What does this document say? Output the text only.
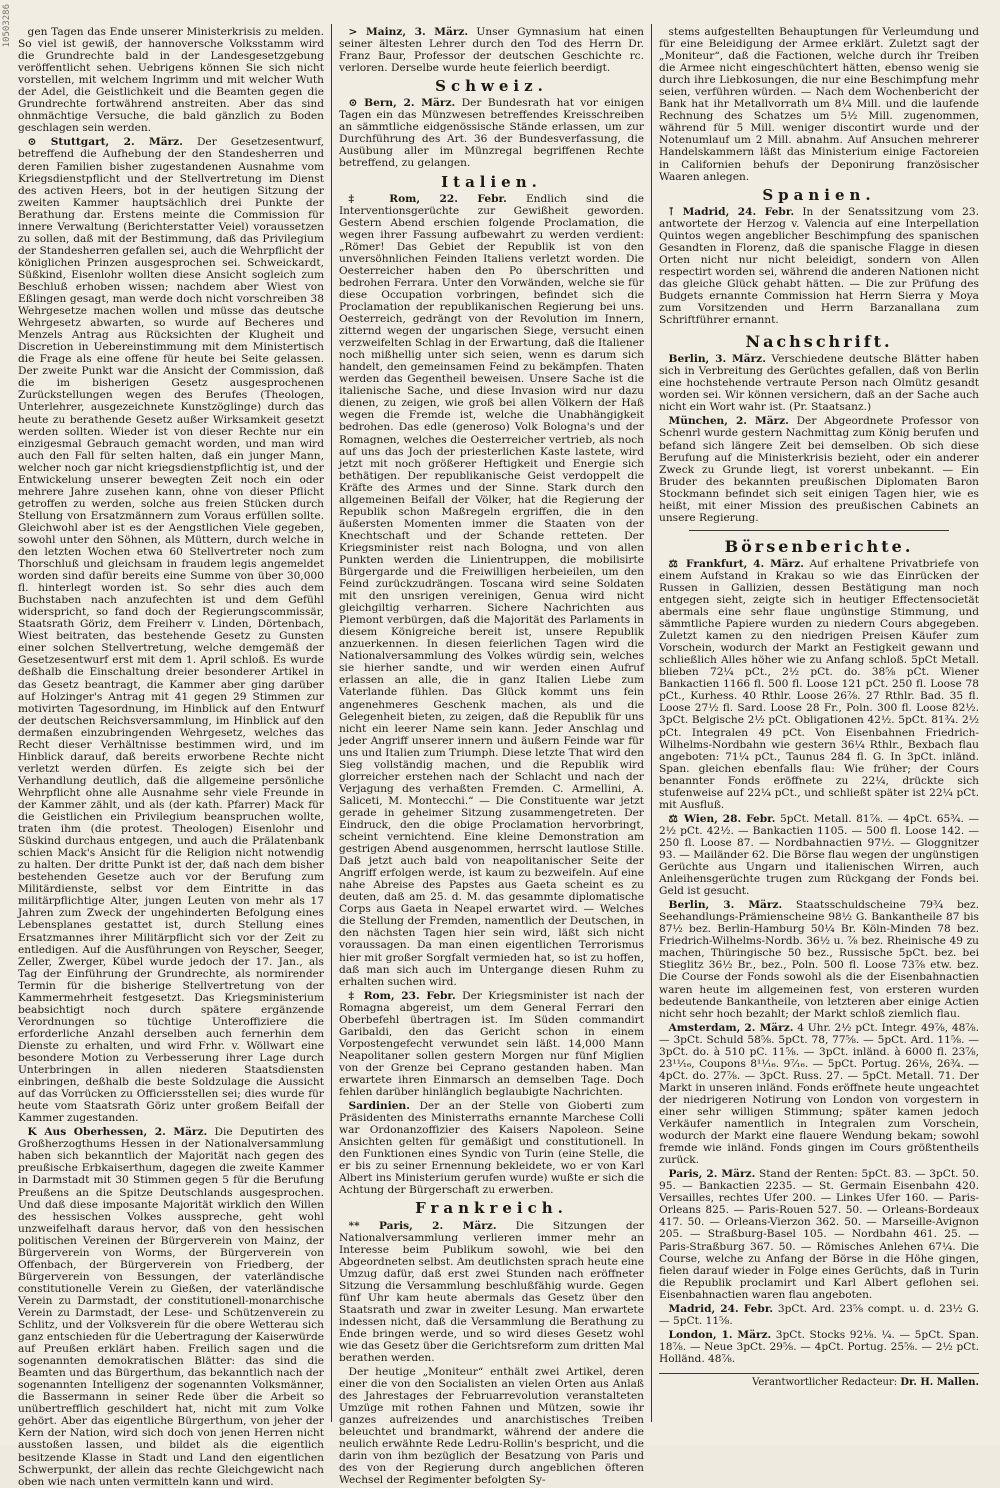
10503286	gen Tagen das Ende unserer Ministerkrisis zu melden. So viel ist gewiß, der hannoversche Volksstamm wird die Grundrechte bald in der Landesgesetzgebung veröffentlicht sehen. Uebrigens können Sie sich nicht vorstellen, mit welchem Ingrimm und mit welcher Wuth der Adel, die Geistlichkeit und die Beamten gegen die Grundrechte fortwährend anstreiten. Aber das sind ohnmächtige Versuche, die bald gänzlich zu Boden geschlagen sein werden.

⊙ Stuttgart, 2. März. Der Gesetzesentwurf, betreffend die Aufhebung der den Standesherren und deren Familien bisher zugestandenen Ausnahme vom Kriegsdienstpflicht und der Stellvertretung im Dienst des activen Heers, bot in der heutigen Sitzung der zweiten Kammer hauptsächlich drei Punkte der Berathung dar. Erstens meinte die Commission für innere Verwaltung (Berichterstatter Veiel) voraussetzen zu sollen, daß mit der Bestimmung, daß das Privilegium der Standesherren gefallen sei, auch die Wehrpflicht der königlichen Prinzen ausgesprochen sei. Schweickardt, Süßkind, Eisenlohr wollten diese Ansicht sogleich zum Beschluß erhoben wissen; nachdem aber Wiest von Eßlingen gesagt, man werde doch nicht vorschreiben 38 Wehrgesetze machen wollen und müsse das deutsche Wehrgesetz abwarten, so wurde auf Becheres und Menzels Antrag aus Rücksichten der Klugheit und Discretion in Uebereinstimmung mit dem Ministertisch die Frage als eine offene für heute bei Seite gelassen. Der zweite Punkt war die Ansicht der Commission, daß die im bisherigen Gesetz ausgesprochenen Zurückstellungen wegen des Berufes (Theologen, Unterlehrer, ausgezeichnete Kunstzöglinge) durch das heute zu berathende Gesetz außer Wirksamkeit gesetzt werden sollten. Wieder ist von dieser Rechte nur ein einzigesmal Gebrauch gemacht worden, und man wird auch den Fall für selten halten, daß ein junger Mann, welcher noch gar nicht kriegsdienstpflichtig ist, und der Entwickelung unserer bewegten Zeit noch ein oder mehrere Jahre zusehen kann, ohne von dieser Pflicht getroffen zu werden, solche aus freien Stücken durch Stellung von Ersatzmännern zum Voraus erfüllen sollte. Gleichwohl aber ist es der Aengstlichen Viele gegeben, sowohl unter den Söhnen, als Müttern, durch welche in den letzten Wochen etwa 60 Stellvertreter noch zum Thorschluß und gleichsam in fraudem legis angemeldet worden sind dafür bereits eine Summe von über 30,000 fl. hinterlegt worden ist. So sehr dies auch dem Buchstaben nach anzufechten ist und dem Gefühl widerspricht, so fand doch der Regierungscommissär, Staatsrath Göriz, dem Freiherr v. Linden, Dörtenbach, Wiest beitraten, das bestehende Gesetz zu Gunsten einer solchen Stellvertretung, welche demgemäß der Gesetzesentwurf erst mit dem 1. April schloß. Es wurde deßhalb die Einschaltung dreier besonderer Artikel in das Gesetz beantragt, die Kammer aber ging darüber auf Holzinger's Antrag mit 41 gegen 29 Stimmen zur motivirten Tagesordnung, im Hinblick auf den Entwurf der deutschen Reichsversammlung, im Hinblick auf den dermaßen einzubringenden Wehrgesetz, welches das Recht dieser Verhältnisse bestimmen wird, und im Hinblick darauf, daß bereits erworbene Rechte nicht verletzt werden dürfen. Es zeigte sich bei der Verhandlung deutlich, daß die allgemeine persönliche Wehrpflicht ohne alle Ausnahme sehr viele Freunde in der Kammer zählt, und als (der kath. Pfarrer) Mack für die Geistlichen ein Privilegium beanspruchen wollte, traten ihm (die protest. Theologen) Eisenlohr und Süskind durchaus entgegen, und auch die Prälatenbank schien Mack's Ansicht für die Religion nicht notwendig zu halten. Der dritte Punkt ist der, daß nach dem bisher bestehenden Gesetze auch vor der Berufung zum Militärdienste, selbst vor dem Eintritte in das militärpflichtige Alter, jungen Leuten von mehr als 17 Jahren zum Zweck der ungehinderten Befolgung eines Lebensplanes gestattet ist, durch Stellung eines Ersatzmannes ihrer Militärpflicht sich vor der Zeit zu entledigen. Auf die Ausführungen von Reyscher, Seeger, Zeller, Zwerger, Kübel wurde jedoch der 17. Jan., als Tag der Einführung der Grundrechte, als normirender Termin für die bisherige Stellvertretung von der Kammermehrheit festgesetzt. Das Kriegsministerium beabsichtigt noch durch spätere ergänzende Verordnungen so tüchtige Unteroffiziere die erforderliche Anzahl derselben auch fernerhin dem Dienste zu erhalten, und wird Frhr. v. Wöllwart eine besondere Motion zu Verbesserung ihrer Lage durch Unterbringen in allen niederen Staatsdiensten einbringen, deßhalb die beste Soldzulage die Aussicht auf das Vorrücken zu Officiersstellen sei; dies wurde für heute vom Staatsrath Göriz unter großem Beifall der Kammer zugestanden.

K Aus Oberhessen, 2. März. Die Deputirten des Großherzogthums Hessen in der Nationalversammlung haben sich bekanntlich der Majorität nach gegen des preußische Erbkaiserthum, dagegen die zweite Kammer in Darmstadt mit 30 Stimmen gegen 5 für die Berufung Preußens an die Spitze Deutschlands ausgesprochen. Und daß diese imposante Majorität wirklich den Willen des hessischen Volkes ausspreche, geht wohl unzweifelhaft daraus hervor, daß von den hessischen politischen Vereinen der Bürgerverein von Mainz, der Bürgerverein von Worms, der Bürgerverein von Offenbach, der Bürgerverein von Friedberg, der Bürgerverein von Bessungen, der vaterländische constitutionelle Verein zu Gießen, der vaterländische Verein zu Darmstadt, der constitutionell-monarchische Verein zu Darmstadt, der Lese- und Schützenverein zu Schlitz, und der Volksverein für die obere Wetterau sich ganz entschieden für die Uebertragung der Kaiserwürde auf Preußen erklärt haben. Freilich sagen und die sogenannten demokratischen Blätter: das sind die Beamten und das Bürgerthum, das bekanntlich nach der sogenannten Intelligenz der sogenannten Volksmänner, die Bassermann in seiner Rede über die Arbeit so unübertrefflich geschildert hat, nicht mit zum Volke gehört. Aber das eigentliche Bürgerthum, von jeher der Kern der Nation, wird sich doch von jenen Herren nicht ausstoßen lassen, und bildet als die eigentlich besitzende Klasse in Stadt und Land den eigentlichen Schwerpunkt, der allein das rechte Gleichgewicht nach oben wie nach unten vermitteln kann und wird.

> Mainz, 3. März. Unser Gymnasium hat einen seiner ältesten Lehrer durch den Tod des Herrn Dr. Franz Baur, Professor der deutschen Geschichte rc. verloren. Derselbe wurde heute feierlich beerdigt.

Schweiz.

⊙ Bern, 2. März. Der Bundesrath hat vor einigen Tagen ein das Münzwesen betreffendes Kreisschreiben an sämmtliche eidgenössische Stände erlassen, um zur Durchführung des Art. 36 der Bundesverfassung, die Ausübung aller im Münzregal begriffenen Rechte betreffend, zu gelangen.

Italien.

‡ Rom, 22. Febr. Endlich sind die Interventionsgerüchte zur Gewißheit geworden. Gestern Abend erschien folgende Proclamation, die wegen ihrer Fassung aufbewahrt zu werden verdient: „Römer! Das Gebiet der Republik ist von den unversöhnlichen Feinden Italiens verletzt worden. Die Oesterreicher haben den Po überschritten und bedrohen Ferrara. Unter den Vorwänden, welche sie für diese Occupation vorbringen, befindet sich die Proclamation der republikanischen Regierung bei uns. Oesterreich, gedrängt von der Revolution im Innern, zitternd wegen der ungarischen Siege, versucht einen verzweifelten Schlag in der Erwartung, daß die Italiener noch mißhellig unter sich seien, wenn es darum sich handelt, den gemeinsamen Feind zu bekämpfen. Thaten werden das Gegentheil beweisen. Unsere Sache ist die italienische Sache, und diese Invasion wird nur dazu dienen, zu zeigen, wie groß bei allen Völkern der Haß wegen die Fremde ist, welche die Unabhängigkeit bedrohen. Das edle (generoso) Volk Bologna's und der Romagnen, welches die Oesterreicher vertrieb, als noch auf uns das Joch der priesterlichen Kaste lastete, wird jetzt mit noch größerer Heftigkeit und Energie sich bethätigen. Der republikanische Geist verdoppelt die Kräfte des Armes und der Sinne. Stark durch den allgemeinen Beifall der Völker, hat die Regierung der Republik schon Maßregeln ergriffen, die in den äußersten Momenten immer die Staaten von der Knechtschaft und der Schande retteten. Der Kriegsminister reist nach Bologna, und von allen Punkten werden die Linientruppen, die mobilisirte Bürgergarde und die Freiwilligen herbeieilen, um den Feind zurückzudrängen. Toscana wird seine Soldaten mit den unsrigen vereinigen, Genua wird nicht gleichgiltig verharren. Sichere Nachrichten aus Piemont verbürgen, daß die Majorität des Parlaments in diesem Königreiche bereit ist, unsere Republik anzuerkennen. In diesen feierlichen Tagen wird die Nationalversammlung des Volkes würdig sein, welches sie hierher sandte, und wir werden einen Aufruf erlassen an alle, die in ganz Italien Liebe zum Vaterlande fühlen. Das Glück kommt uns fein angenehmeres Geschenk machen, als und die Gelegenheit bieten, zu zeigen, daß die Republik für uns nicht ein leerer Name sein kann. Jeder Anschlag und jeder Angriff unserer innern und äußern Feinde war für uns und Italien zum Triumph. Diese letzte That wird den Sieg vollständig machen, und die Republik wird glorreicher erstehen nach der Schlacht und nach der Verjagung des verhaßten Fremden. C. Armellini, A. Saliceti, M. Montecchi.“ — Die Constituente war jetzt gerade in geheimer Sitzung zusammengetreten. Der Eindruck, den die obige Proclamation hervorbringt, scheint vernichtend. Eine kleine Demonstration am gestrigen Abend ausgenommen, herrscht lautlose Stille. Daß jetzt auch bald von neapolitanischer Seite der Angriff erfolgen werde, ist kaum zu bezweifeln. Auf eine nahe Abreise des Papstes aus Gaeta scheint es zu deuten, daß am 25. d. M. das gesammte diplomatische Corps aus Gaeta in Neapel erwartet wird. — Welches die Stellung der Fremden, namentlich der Deutschen, in den nächsten Tagen hier sein wird, läßt sich nicht voraussagen. Da man einen eigentlichen Terrorismus hier mit großer Sorgfalt vermieden hat, so ist zu hoffen, daß man sich auch im Untergange diesen Ruhm zu erhalten suchen wird.

‡ Rom, 23. Febr. Der Kriegsminister ist nach der Romagna abgereist, um dem General Ferrari den Oberbefehl übertragen ist. Im Süden commandirt Garibaldi, den das Gericht schon in einem Vorpostengefecht verwundet sein läßt. 14,000 Mann Neapolitaner sollen gestern Morgen nur fünf Miglien von der Grenze bei Ceprano gestanden haben. Man erwartete ihren Einmarsch an demselben Tage. Doch fehlen darüber hinlänglich beglaubigte Nachrichten.

Sardinien. Der an der Stelle von Gioberti zum Präsidenten des Ministerraths ernannte Marchese Colli war Ordonanzoffizier des Kaisers Napoleon. Seine Ansichten gelten für gemäßigt und constitutionell. In den Funktionen eines Syndic von Turin (eine Stelle, die er bis zu seiner Ernennung bekleidete, wo er von Karl Albert ins Ministerium gerufen wurde) wußte er sich die Achtung der Bürgerschaft zu erwerben.

Frankreich.

** Paris, 2. März. Die Sitzungen der Nationalversammlung verlieren immer mehr an Interesse beim Publikum sowohl, wie bei den Abgeordneten selbst. Am deutlichsten sprach heute eine Umzug dafür, daß erst zwei Stunden nach eröffneter Sitzung die Versammlung beschlußfähig wurde. Gegen fünf Uhr kam heute abermals das Gesetz über den Staatsrath und zwar in zweiter Lesung. Man erwartete indessen nicht, daß die Versammlung die Berathung zu Ende bringen werde, und so wird dieses Gesetz wohl wie das Gesetz über die Gerichtsreform zum dritten Mal berathen werden.

Der heutige „Moniteur“ enthält zwei Artikel, deren einer die von den Socialisten an vielen Orten aus Anlaß des Jahrestages der Februarrevolution veranstalteten Umzüge mit rothen Fahnen und Mützen, sowie ihr ganzes aufreizendes und anarchistisches Treiben beleuchtet und brandmarkt, während der andere die neulich erwähnte Rede Ledru-Rollin's bespricht, und die darin von ihm bezüglich der Besatzung von Paris und des von der Regierung durch angeblichen öfteren Wechsel der Regimenter befolgten Sy-

stems aufgestellten Behauptungen für Verleumdung und für eine Beleidigung der Armee erklärt. Zuletzt sagt der „Moniteur“, daß die Factionen, welche durch ihr Treiben die Armee nicht eingeschüchtert hätten, ebenso wenig sie durch ihre Liebkosungen, die nur eine Beschimpfung mehr seien, verführen würden. — Nach dem Wochenbericht der Bank hat ihr Metallvorrath um 8¼ Mill. und die laufende Rechnung des Schatzes um 5½ Mill. zugenommen, während für 5 Mill. weniger discontirt wurde und der Notenumlauf um 2 Mill. abnahm. Auf Ansuchen mehrerer Handelskammern läßt das Ministerium einige Factoreien in Californien behufs der Deponirung französischer Waaren anlegen.

Spanien.

⊺ Madrid, 24. Febr. In der Senatssitzung vom 23. antwortete der Herzog v. Valencia auf eine Interpellation Quintos wegen angeblicher Beschimpfung des spanischen Gesandten in Florenz, daß die spanische Flagge in diesen Orten nicht nur nicht beleidigt, sondern von Allen respectirt worden sei, während die anderen Nationen nicht das gleiche Glück gehabt hätten. — Die zur Prüfung des Budgets ernannte Commission hat Herrn Sierra y Moya zum Vorsitzenden und Herrn Barzanallana zum Schriftführer ernannt.

Nachschrift.

Berlin, 3. März. Verschiedene deutsche Blätter haben sich in Verbreitung des Gerüchtes gefallen, daß von Berlin eine hochstehende vertraute Person nach Olmütz gesandt worden sei. Wir können versichern, daß an der Sache auch nicht ein Wort wahr ist. (Pr. Staatsanz.)

München, 2. März. Der Abgeordnete Professor von Schenrl wurde gestern Nachmittag zum König berufen und befand sich längere Zeit bei demselben. Ob sich diese Berufung auf die Ministerkrisis bezieht, oder ein anderer Zweck zu Grunde liegt, ist vorerst unbekannt. — Ein Bruder des bekannten preußischen Diplomaten Baron Stockmann befindet sich seit einigen Tagen hier, wie es heißt, mit einer Mission des preußischen Cabinets an unsere Regierung.

Börsenberichte.

⚖ Frankfurt, 4. März. Auf erhaltene Privatbriefe von einem Aufstand in Krakau so wie das Einrücken der Russen in Gallizien, dessen Bestätigung man noch entgegen sieht, zeigte sich in heutiger Effectensocietät abermals eine sehr flaue ungünstige Stimmung, und sämmtliche Papiere wurden zu niedern Cours abgegeben. Zuletzt kamen zu den niedrigen Preisen Käufer zum Vorschein, wodurch der Markt an Festigkeit gewann und schließlich Alles höher wie zu Anfang schloß. 5pCt Metall. blieben 72¼ pCt., 2½ pCt. do. 38⅝ pCt. Wiener Bankactien 1166 fl. 500 fl. Loose 121 pCt. 250 fl. Loose 78 pCt., Kurhess. 40 Rthlr. Loose 26⅞. 27 Rthlr. Bad. 35 fl. Loose 27½ fl. Sard. Loose 28 Fr., Poln. 300 fl. Loose 82½. 3pCt. Belgische 2½ pCt. Obligationen 42½. 5pCt. 81¾. 2½ pCt. Integralen 49 pCt. Von Eisenbahnen Friedrich-Wilhelms-Nordbahn wie gestern 36¼ Rthlr., Bexbach flau angeboten: 71¼ pCt., Taunus 284 fl. G. In 3pCt. inländ. Span. gleichen ebenfalls flau: Wie früher; der Cours benannter Fonds eröffnete zu 22¼, drückte sich stufenweise auf 22¼ pCt., und schließt später ist 22¼ pCt. mit Ausfluß.

⚖ Wien, 28. Febr. 5pCt. Metall. 81⅞. — 4pCt. 65¾. — 2½ pCt. 42½. — Bankactien 1105. — 500 fl. Loose 142. — 250 fl. Loose 87. — Nordbahnactien 97½. — Gloggnitzer 93. — Mailänder 62. Die Börse flau wegen der ungünstigen Gerüchte aus Ungarn und italienischen Wirren, auch Anleihensgerüchte trugen zum Rückgang der Fonds bei. Geld ist gesucht.

Berlin, 3. März. Staatsschuldscheine 79¾ bez. Seehandlungs-Prämienscheine 98½ G. Bankantheile 87 bis 87½ bez. Berlin-Hamburg 50¼ Br. Köln-Minden 78 bez. Friedrich-Wilhelms-Nordb. 36½ u. ⅞ bez. Rheinische 49 zu machen, Thüringische 50 bez., Russische 5pCt. bez. bei Stieglitz 36½ Br., bez., Poln. 500 fl. Loose 73⅞ etw. bez. Die Course der Fonds sowohl als die der Eisenbahnactien waren heute im allgemeinen fest, von ersteren wurden bedeutende Bankantheile, von letzteren aber einige Actien nicht sehr hoch bezahlt; der Markt schloß ziemlich flau.

Amsterdam, 2. März. 4 Uhr. 2½ pCt. Integr. 49⅞, 48⅞. — 3pCt. Schuld 58⅝. 5pCt. 78, 77⅝. — 5pCt. Ard. 11⅝. — 3pCt. do. à 510 pC. 11⅝. — 3pCt. inländ. à 6000 fl. 23⅞, 23¹¹⁄₁₆, Coupons 8¹¹⁄₁₆. 9⁷⁄₁₆. — 5pCt. Portug. 26⅛, 26¾. — 4pCt. do. 27⅞. — 3pCt. Russ. 27. — 5pCt. Metall. 71. Der Markt in unseren inländ. Fonds eröffnete heute ungeachtet der niedrigeren Notirung von London von vorgestern in einer sehr willigen Stimmung; später kamen jedoch Verkäufer namentlich in Integralen zum Vorschein, wodurch der Markt eine flauere Wendung bekam; sowohl fremde wie inländ. Fonds gingen im Cours größtentheils zurück.

Paris, 2. März. Stand der Renten: 5pCt. 83. — 3pCt. 50. 95. — Bankactien 2235. — St. Germain Eisenbahn 420. Versailles, rechtes Ufer 200. — Linkes Ufer 160. — Paris-Orleans 825. — Paris-Rouen 527. 50. — Orleans-Bordeaux 417. 50. — Orleans-Vierzon 362. 50. — Marseille-Avignon 205. — Straßburg-Basel 105. — Nordbahn 461. 25. — Paris-Straßburg 367. 50. — Römisches Anlehen 67¼. Die Course, welche zu Anfang der Börse in die Höhe gingen, fielen darauf wieder in Folge eines Gerüchts, daß in Turin die Republik proclamirt und Karl Albert geflohen sei. Eisenbahnactien waren flau angeboten.

Madrid, 24. Febr. 3pCt. Ard. 23⅝ compt. u. d. 23½ G. — 5pCt. 11⅝.

London, 1. März. 3pCt. Stocks 92⅛. ¼. — 5pCt. Span. 18⅞. — Neue 3pCt. 29⅝. — 4pCt. Portug. 25⅝. — 2½ pCt. Holländ. 48⅞.

Verantwortlicher Redacteur: Dr. H. Mallen.
